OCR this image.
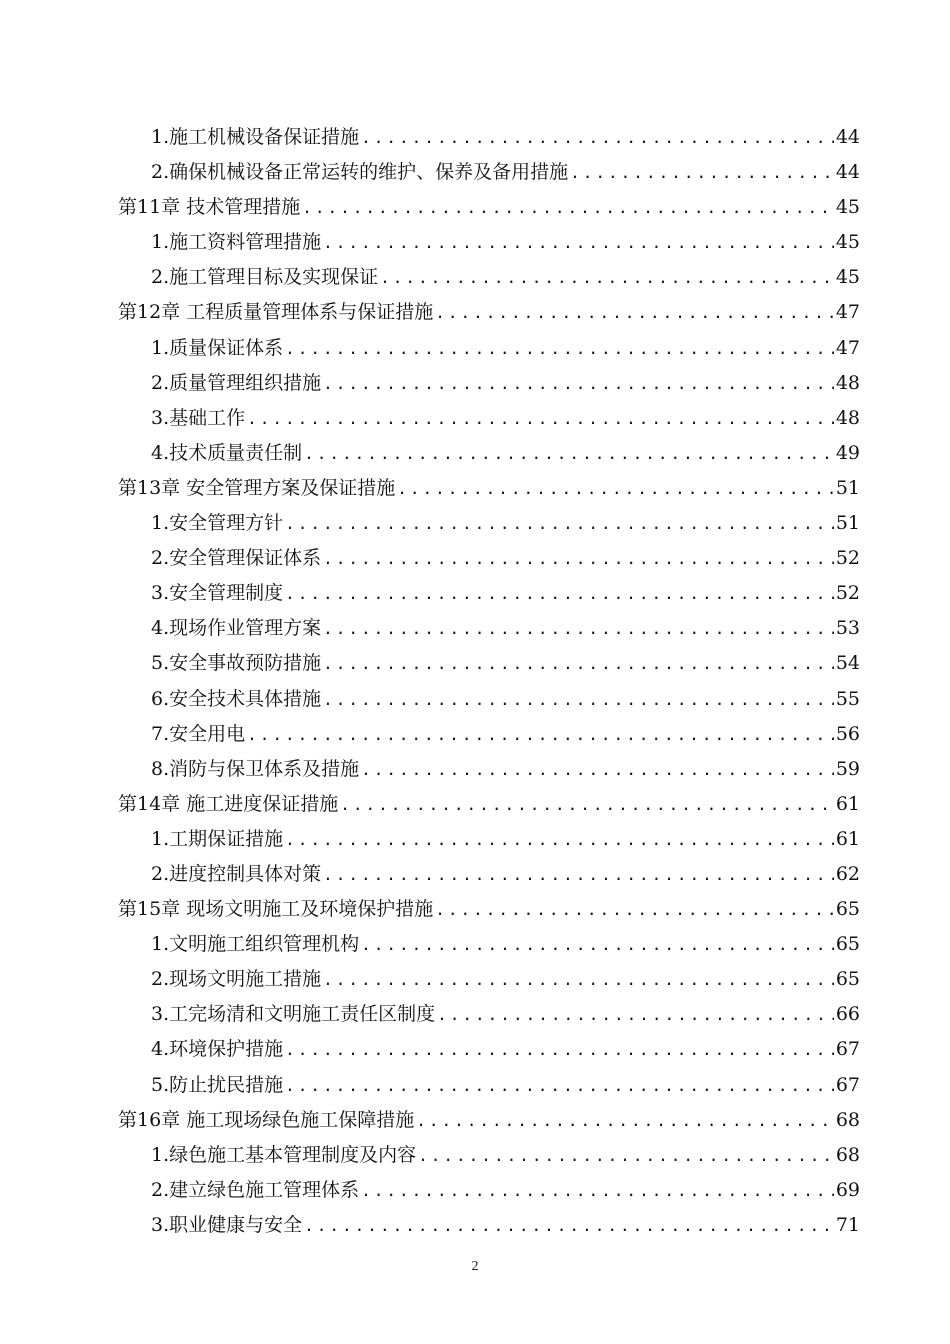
1.施工机械设备保证措施 .....	44
2.确保机械设备正常运转的维护、保养及备用措施 .....	44
第11章 技术管理措施 .....	45
1.施工资料管理措施 .....	45
2.施工管理目标及实现保证 .....	45
第12章 工程质量管理体系与保证措施 .....	47
1.质量保证体系 .....	47
2.质量管理组织措施 .....	48
3.基础工作 .....	48
4.技术质量责任制 .....	49
第13章 安全管理方案及保证措施 .....	51
1.安全管理方针 .....	51
2.安全管理保证体系 .....	52
3.安全管理制度 .....	52
4.现场作业管理方案 .....	53
5.安全事故预防措施 .....	54
6.安全技术具体措施 .....	55
7.安全用电 .....	56
8.消防与保卫体系及措施 .....	59
第14章 施工进度保证措施 .....	61
1.工期保证措施 .....	61
2.进度控制具体对策 .....	62
第15章 现场文明施工及环境保护措施 .....	65
1.文明施工组织管理机构 .....	65
2.现场文明施工措施 .....	65
3.工完场清和文明施工责任区制度 .....	66
4.环境保护措施 .....	67
5.防止扰民措施 .....	67
第16章 施工现场绿色施工保障措施 .....	68
1.绿色施工基本管理制度及内容 .....	68
2.建立绿色施工管理体系 .....	69
3.职业健康与安全 .....	71
2
